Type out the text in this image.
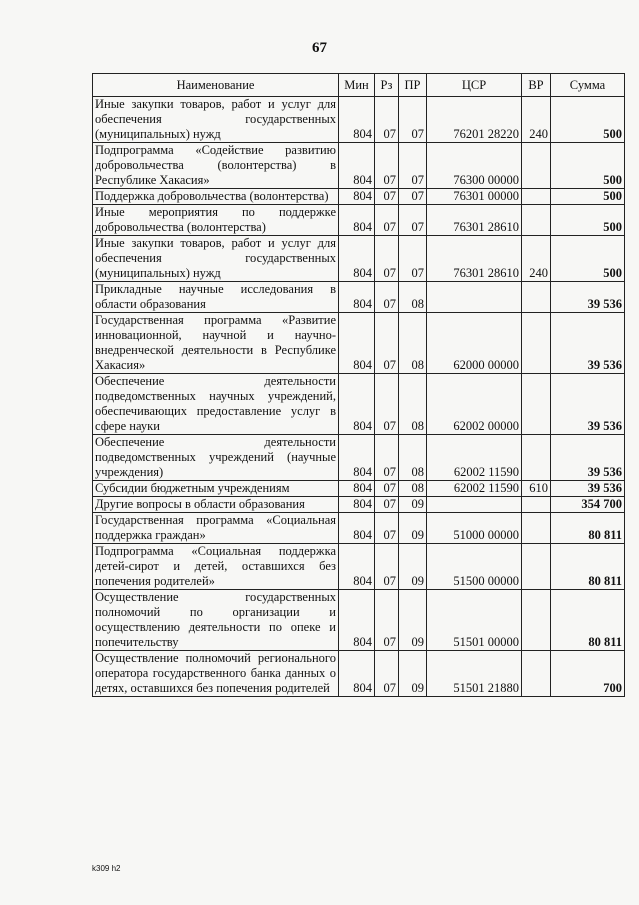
67
Наименование	Мин	Рз	ПР	ЦСР	ВР	Сумма
Иные закупки товаров, работ и услуг для обеспечения государственных (муниципальных) нужд	804	07	07	76201 28220	240	500
Подпрограмма «Содействие развитию добровольчества (волонтерства) в Республике Хакасия»	804	07	07	76300 00000		500
Поддержка добровольчества (волонтерства)	804	07	07	76301 00000		500
Иные мероприятия по поддержке добровольчества (волонтерства)	804	07	07	76301 28610		500
Иные закупки товаров, работ и услуг для обеспечения государственных (муниципальных) нужд	804	07	07	76301 28610	240	500
Прикладные научные исследования в области образования	804	07	08			39 536
Государственная программа «Развитие инновационной, научной и научно-внедренческой деятельности в Республике Хакасия»	804	07	08	62000 00000		39 536
Обеспечение деятельности подведомственных научных учреждений, обеспечивающих предоставление услуг в сфере науки	804	07	08	62002 00000		39 536
Обеспечение деятельности подведомственных учреждений (научные учреждения)	804	07	08	62002 11590		39 536
Субсидии бюджетным учреждениям	804	07	08	62002 11590	610	39 536
Другие вопросы в области образования	804	07	09			354 700
Государственная программа «Социальная поддержка граждан»	804	07	09	51000 00000		80 811
Подпрограмма «Социальная поддержка детей-сирот и детей, оставшихся без попечения родителей»	804	07	09	51500 00000		80 811
Осуществление государственных полномочий по организации и осуществлению деятельности по опеке и попечительству	804	07	09	51501 00000		80 811
Осуществление полномочий регионального оператора государственного банка данных о детях, оставшихся без попечения родителей	804	07	09	51501 21880		700
k309 h2
